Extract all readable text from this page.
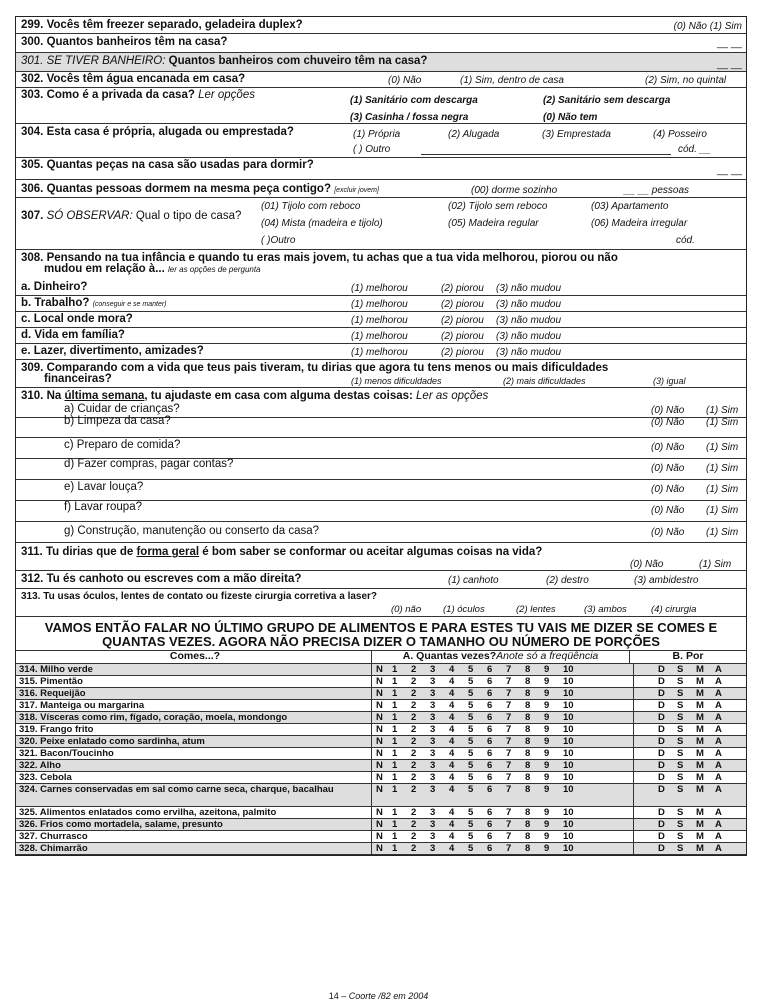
299. Vocês têm freezer separado, geladeira duplex?	(0) Não (1) Sim
300. Quantos banheiros têm na casa?	__ __
301. SE TIVER BANHEIRO: Quantos banheiros com chuveiro têm na casa?	__ __
302. Vocês têm água encanada em casa?	(0) Não	(1) Sim, dentro de casa	(2) Sim, no quintal
303. Como é a privada da casa? Ler opções	(1) Sanitário com descarga	(2) Sanitário sem descarga
(3) Casinha / fossa negra	(0) Não tem
304. Esta casa é própria, alugada ou emprestada?	(1) Própria	(2) Alugada	(3) Emprestada	(4) Posseiro
( ) Outro	cód. __
305. Quantas peças na casa são usadas para dormir?	__ __
306. Quantas pessoas dormem na mesma peça contigo? [excluir jovem]	(00) dorme sozinho	__ __ pessoas
307. SÓ OBSERVAR: Qual o tipo de casa?
(01) Tijolo com reboco	(02) Tijolo sem reboco	(03) Apartamento
(04) Mista (madeira e tijolo)	(05) Madeira regular	(06) Madeira irregular
( )Outro	cód.
308. Pensando na tua infância e quando tu eras mais jovem, tu achas que a tua vida melhorou, piorou ou não
mudou em relação à... ler as opções de pergunta
a. Dinheiro?	(1) melhorou	(2) piorou (3) não mudou
b. Trabalho? (conseguir e se manter)	(1) melhorou	(2) piorou (3) não mudou
c. Local onde mora?	(1) melhorou	(2) piorou (3) não mudou
d. Vida em família?	(1) melhorou	(2) piorou (3) não mudou
e. Lazer, divertimento, amizades?	(1) melhorou	(2) piorou (3) não mudou
309. Comparando com a vida que teus pais tiveram, tu dirias que agora tu tens menos ou mais dificuldades
financeiras?	(1) menos dificuldades	(2) mais dificuldades	(3) igual
310. Na última semana, tu ajudaste em casa com alguma destas coisas: Ler as opções
a) Cuidar de crianças?	(0) Não (1) Sim
b) Limpeza da casa?	(0) Não (1) Sim
c) Preparo de comida?	(0) Não (1) Sim
d) Fazer compras, pagar contas?	(0) Não (1) Sim
e) Lavar louça?	(0) Não (1) Sim
f) Lavar roupa?	(0) Não (1) Sim
g) Construção, manutenção ou conserto da casa?	(0) Não (1) Sim
311. Tu dirias que de forma geral é bom saber se conformar ou aceitar algumas coisas na vida?
(0) Não	(1) Sim
312. Tu és canhoto ou escreves com a mão direita?	(1) canhoto	(2) destro	(3) ambidestro
313. Tu usas óculos, lentes de contato ou fizeste cirurgia corretiva a laser?
(0) não (1) óculos	(2) lentes	(3) ambos	(4) cirurgia
VAMOS ENTÃO FALAR NO ÚLTIMO GRUPO DE ALIMENTOS E PARA ESTES TU VAIS ME DIZER SE COMES E
QUANTAS VEZES. AGORA NÃO PRECISA DIZER O TAMANHO OU NÚMERO DE PORÇÕES
Comes...?	A. Quantas vezes? Anote só a freqüência	B. Por
314. Milho verde	N 1	2	3	4	5	6	7	8	9	10	D	S	M	A
315. Pimentão	N 1	2	3	4	5	6	7	8	9	10	D	S	M	A
316. Requeijão	N 1	2	3	4	5	6	7	8	9	10	D	S	M	A
317. Manteiga ou margarina	N 1	2	3	4	5	6	7	8	9	10	D	S	M	A
318. Vísceras como rim, fígado, coração, moela, mondongo	N 1	2	3	4	5	6	7	8	9	10	D	S	M	A
319. Frango frito	N 1	2	3	4	5	6	7	8	9	10	D	S	M	A
320. Peixe enlatado como sardinha, atum	N 1	2	3	4	5	6	7	8	9	10	D	S	M	A
321. Bacon/Toucinho	N 1	2	3	4	5	6	7	8	9	10	D	S	M	A
322. Alho	N 1	2	3	4	5	6	7	8	9	10	D	S	M	A
323. Cebola	N 1	2	3	4	5	6	7	8	9	10	D	S	M	A
324. Carnes conservadas em sal como carne seca, charque, bacalhau	N 1	2	3	4	5	6	7	8	9	10	D	S	M	A
325. Alimentos enlatados como ervilha, azeitona, palmito	N 1	2	3	4	5	6	7	8	9	10	D	S	M	A
326. Frios como mortadela, salame, presunto	N 1	2	3	4	5	6	7	8	9	10	D	S	M	A
327. Churrasco	N 1	2	3	4	5	6	7	8	9	10	D	S	M	A
328. Chimarrão	N 1	2	3	4	5	6	7	8	9	10	D	S	M	A
14 – Coorte /82 em 2004
